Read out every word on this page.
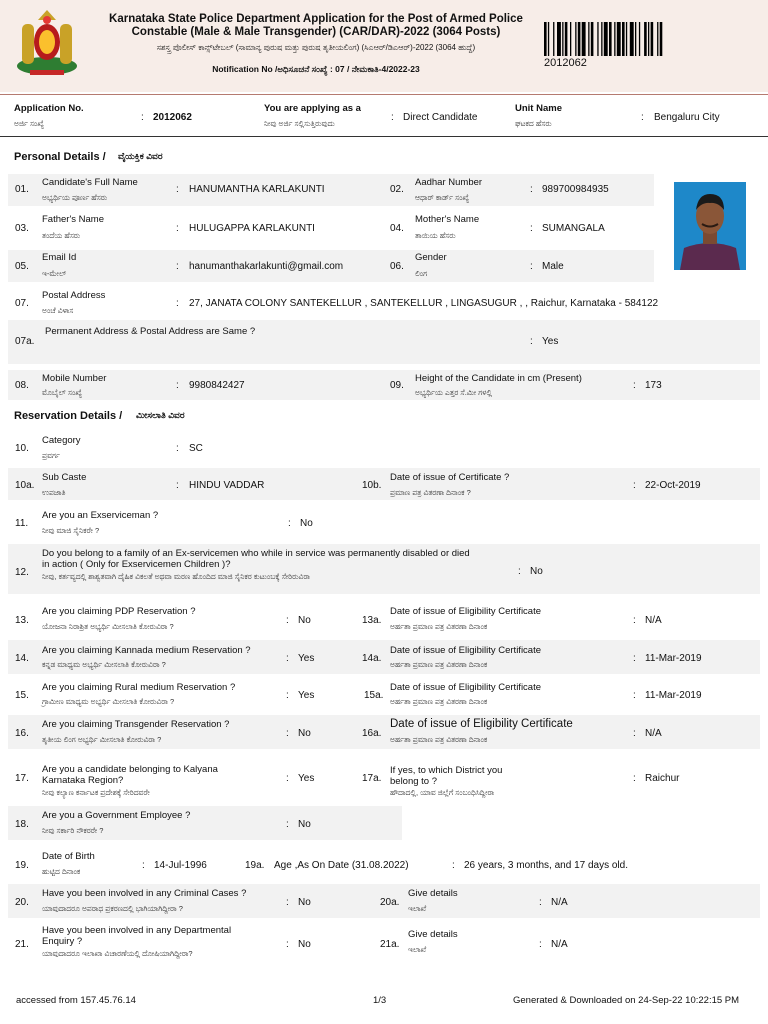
Karnataka State Police Department Application for the Post of Armed Police Constable (Male & Male Transgender) (CAR/DAR)-2022 (3064 Posts)
ಸಶಸ್ತ್ರ ಪೊಲೀಸ್ ಕಾನ್ಸ್‌ಟೇಬಲ್ (ಸಾಮಾನ್ಯ ಪುರುಷ ಮತ್ತು ಪುರುಷ ತೃತೀಯಲಿಂಗ) (ಸಿಎಆರ್/ಡಿಎಆರ್)-2022 (3064 ಹುದ್ದೆ)
Notification No /ಅಧಿಸೂಚನೆ ಸಂಖ್ಯೆ : 07 / ನೇಮಕಾತಿ-4/2022-23	2012062
Application No.
ಅರ್ಜಿ ಸಂಖ್ಯೆ
: 2012062
You are applying as a
ನೀವು ಅರ್ಜಿ ಸಲ್ಲಿಸುತ್ತಿರುವುದು
: Direct Candidate
Unit Name
ಘಟಕದ ಹೆಸರು
: Bengaluru City
Personal Details / ವೈಯಕ್ತಿಕ ವಿವರ
01.
Candidate's Full Name
ಅಭ್ಯರ್ಥಿಯ ಪೂರ್ಣ ಹೆಸರು
: HANUMANTHA KARLAKUNTI	02.
Aadhar Number
ಆಧಾರ್ ಕಾರ್ಡ್ ಸಂಖ್ಯೆ
: 989700984935
03.
Father's Name
ತಂದೆಯ ಹೆಸರು
: HULUGAPPA KARLAKUNTI	04.
Mother's Name
ತಾಯಿಯ ಹೆಸರು
: SUMANGALA
05.
Email Id
ಇ-ಮೇಲ್
: hanumanthakarlakunti@gmail.com	06.
Gender
ಲಿಂಗ
: Male
07.
Postal Address
ಅಂಚೆ ವಿಳಾಸ
: 27, JANATA COLONY SANTEKELLUR , SANTEKELLUR , LINGASUGUR , , Raichur, Karnataka - 584122
07a.
Permanent Address & Postal Address are Same ?
: Yes
08.
Mobile Number
ಮೊಬೈಲ್ ಸಂಖ್ಯೆ
: 9980842427	09.
Height of the Candidate in cm (Present)
ಅಭ್ಯರ್ಥಿಯ ಎತ್ತರ ಸೆ.ಮೀ ಗಳಲ್ಲಿ
: 173
Reservation Details / ಮೀಸಲಾತಿ ವಿವರ
10.
Category
ಪ್ರವರ್ಗ
: SC
10a.
Sub Caste
ಉಪಜಾತಿ
: HINDU VADDAR	10b.
Date of issue of Certificate ?
ಪ್ರಮಾಣ ಪತ್ರ ವಿತರಣಾ ದಿನಾಂಕ ?
: 22-Oct-2019
11.
Are you an Exserviceman ?
ನೀವು ಮಾಜಿ ಸೈನಿಕರೇ ?
: No
12.
Do you belong to a family of an Ex-servicemen who while in service was permanently disabled or died in action ( Only for Exservicemen Children )?
ನೀವು, ಕರ್ತವ್ಯದಲ್ಲಿ ಶಾಶ್ವತವಾಗಿ ದೈಹಿಕ ವಿಕಲತೆ ಅಥವಾ ಮರಣ ಹೊಂದಿದ ಮಾಜಿ ಸೈನಿಕರ ಕುಟುಂಬಕ್ಕೆ ಸೇರಿರುವಿರಾ	: No
13.
Are you claiming PDP Reservation ?
ಯೋಜನಾ ನಿರಾಶ್ರಿತ ಅಭ್ಯರ್ಥಿ ಮೀಸಲಾತಿ ಕೋರುವಿರಾ ?
: No	13a.
Date of issue of Eligibility Certificate
ಅರ್ಹತಾ ಪ್ರಮಾಣ ಪತ್ರ ವಿತರಣಾ ದಿನಾಂಕ
: N/A
14.
Are you claiming Kannada medium Reservation ?
ಕನ್ನಡ ಮಾಧ್ಯಮ ಅಭ್ಯರ್ಥಿ ಮೀಸಲಾತಿ ಕೋರುವಿರಾ ?
: Yes	14a.
Date of issue of Eligibility Certificate
ಅರ್ಹತಾ ಪ್ರಮಾಣ ಪತ್ರ ವಿತರಣಾ ದಿನಾಂಕ
: 11-Mar-2019
15.
Are you claiming Rural medium Reservation ?
ಗ್ರಾಮೀಣ ಮಾಧ್ಯಮ ಅಭ್ಯರ್ಥಿ ಮೀಸಲಾತಿ ಕೋರುವಿರಾ ?
: Yes	15a.
Date of issue of Eligibility Certificate
ಅರ್ಹತಾ ಪ್ರಮಾಣ ಪತ್ರ ವಿತರಣಾ ದಿನಾಂಕ
: 11-Mar-2019
16.
Are you claiming Transgender Reservation ?
ತೃತೀಯ ಲಿಂಗ ಅಭ್ಯರ್ಥಿ ಮೀಸಲಾತಿ ಕೋರುವಿರಾ ?
: No	16a.
Date of issue of Eligibility Certificate
ಅರ್ಹತಾ ಪ್ರಮಾಣ ಪತ್ರ ವಿತರಣಾ ದಿನಾಂಕ
: N/A
17.
Are you a candidate belonging to Kalyana Karnataka Region?
ನೀವು ಕಲ್ಯಾಣ ಕರ್ನಾಟಕ ಪ್ರದೇಶಕ್ಕೆ ಸೇರಿದವರೇ
: Yes	17a.
If yes, to which District you belong to ?
ಹೌದಾದಲ್ಲಿ, ಯಾವ ಜಿಲ್ಲೆಗೆ ಸಂಬಂಧಿಸಿದ್ದೀರಾ
: Raichur
18.
Are you a Government Employee ?
ನೀವು ಸರ್ಕಾರಿ ನೌಕರರೇ ?
: No
19.
Date of Birth
ಹುಟ್ಟಿದ ದಿನಾಂಕ
: 14-Jul-1996	19a. Age ,As On Date (31.08.2022)	: 26 years, 3 months, and 17 days old.
20.
Have you been involved in any Criminal Cases ?
ಯಾವುದಾದರೂ ಅಪರಾಧ ಪ್ರಕರಣದಲ್ಲಿ ಭಾಗಿಯಾಗಿದ್ದೀರಾ ?
: No	20a.
Give details
ಇಲಾಖೆ
: N/A
21.
Have you been involved in any Departmental Enquiry ?
ಯಾವುದಾದರೂ ಇಲಾಖಾ ವಿಚಾರಣೆಯಲ್ಲಿ ದೋಷಿಯಾಗಿದ್ದೀರಾ?
: No	21a.
Give details
ಇಲಾಖೆ	: N/A
accessed from 157.45.76.14	1/3	Generated & Downloaded on 24-Sep-22 10:22:15 PM
